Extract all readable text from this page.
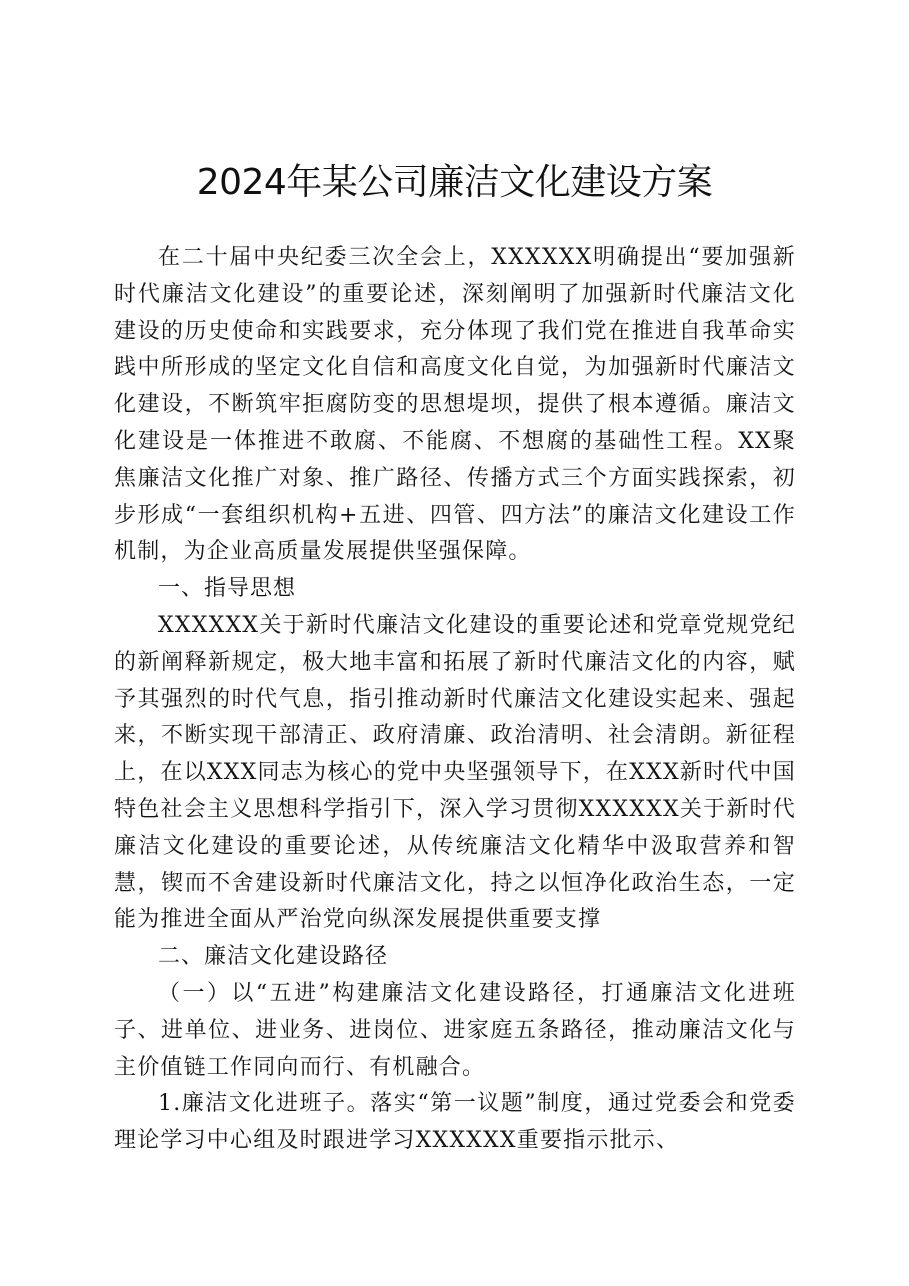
2024年某公司廉洁文化建设方案

在二十届中央纪委三次全会上，XXXXXX明确提出“要加强新时代廉洁文化建设”的重要论述，深刻阐明了加强新时代廉洁文化建设的历史使命和实践要求，充分体现了我们党在推进自我革命实践中所形成的坚定文化自信和高度文化自觉，为加强新时代廉洁文化建设，不断筑牢拒腐防变的思想堤坝，提供了根本遵循。廉洁文化建设是一体推进不敢腐、不能腐、不想腐的基础性工程。XX聚焦廉洁文化推广对象、推广路径、传播方式三个方面实践探索，初步形成“一套组织机构+五进、四管、四方法”的廉洁文化建设工作机制，为企业高质量发展提供坚强保障。

一、指导思想

XXXXXX关于新时代廉洁文化建设的重要论述和党章党规党纪的新阐释新规定，极大地丰富和拓展了新时代廉洁文化的内容，赋予其强烈的时代气息，指引推动新时代廉洁文化建设实起来、强起来，不断实现干部清正、政府清廉、政治清明、社会清朗。新征程上，在以XXX同志为核心的党中央坚强领导下，在XXX新时代中国特色社会主义思想科学指引下，深入学习贯彻XXXXXX关于新时代廉洁文化建设的重要论述，从传统廉洁文化精华中汲取营养和智慧，锲而不舍建设新时代廉洁文化，持之以恒净化政治生态，一定能为推进全面从严治党向纵深发展提供重要支撑

二、廉洁文化建设路径

（一）以“五进”构建廉洁文化建设路径，打通廉洁文化进班子、进单位、进业务、进岗位、进家庭五条路径，推动廉洁文化与主价值链工作同向而行、有机融合。

1.廉洁文化进班子。落实“第一议题”制度，通过党委会和党委理论学习中心组及时跟进学习XXXXXX重要指示批示、
